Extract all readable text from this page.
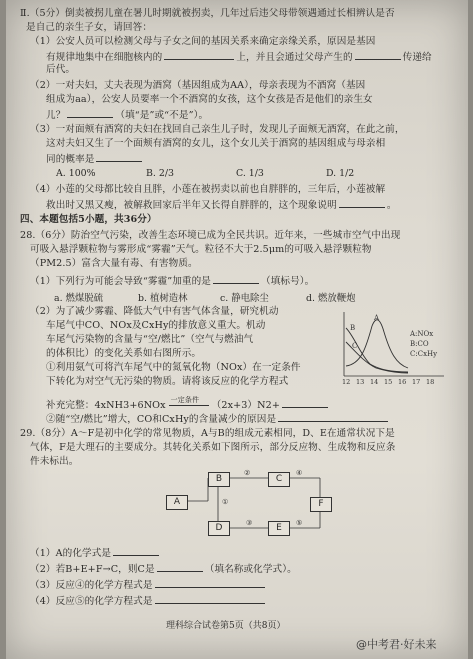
Ⅱ.（5分）倒卖被拐儿童在暑儿时期就被拐卖，几年过后违父母带领遇通过长相辨认是否
是自己的亲生子女，请回答：
（1）公安人员可以检测父母与子女之间的基因关系来确定亲缘关系，原因是基因
有规律地集中在细胞核内的	上，并且会通过父母产生的	传递给
后代。
（2）一对夫妇，丈夫表现为酒窝（基因组成为AA），母亲表现为不酒窝（基因
组成为aa），公安人员要率一个不酒窝的女孩，这个女孩是否是他们的亲生女
儿？	（填“是”或“不是”）。
（3）一对面颊有酒窝的夫妇在找回自己亲生儿子时，发现儿子面颊无酒窝，在此之前，
这对夫妇又生了一个面颊有酒窝的女儿，这个女儿关于酒窝的基因组成与母亲相
同的概率是
A. 100%	B. 2/3	C. 1/3	D. 1/2
（4）小莲的父母都比较自且胖，小莲在被拐卖以前也自胖胖的，三年后，小莲被解
救出时又黑又瘦，被解救回家后半年又长得自胖胖的，这个现象说明	。
四、本题包括5小题，共36分）
28.（6分）防治空气污染，改善生态环境已成为全民共识。近年来，一些城市空气中出现
可吸入悬浮颗粒物与雾形成“雾霾”天气。粒径不大于2.5μm的可吸入悬浮颗粒物
（PM2.5）富含大量有毒、有害物质。
（1）下列行为可能会导致“雾霾”加重的是	（填标号）。
a. 燃煤脱硫	b. 植树造林	c. 静电除尘	d. 燃放鞭炮
（2）为了减少雾霾、降低大气中有害气体含量，研究机动
车尾气中CO、NOx及CxHy的排放意义重大。机动
车尾气污染物的含量与“空/燃比”（空气与燃油气
的体积比）的变化关系如右图所示。
①利用氨气可将汽车尾气中的氮氧化物（NOx）在一定条件
下转化为对空气无污染的物质。请将该反应的化学方程式
补充完整：4xNH3+6NOx 一定条件 （2x+3）N2+
②随“空/燃比”增大，CO和CxHy的含量减少的原因是
A
B
C
A:NOx
B:CO
C:CxHy
12 13 14 15 16 17 18
29.（8分）A～F是初中化学的常见物质，A与B的组成元素相同，D、E在通常状况下是
气体，F是大理石的主要成分。其转化关系如下图所示，部分反应物、生成物和反应条
件未标出。
②
①
③
④
⑤
A
B	C
D	E
F
（1）A的化学式是
（2）若B+E+F→C，则C是	（填名称或化学式）。
（3）反应④的化学方程式是
（4）反应⑤的化学方程式是
理科综合试卷第5页（共8页）
@中考君·好未来
